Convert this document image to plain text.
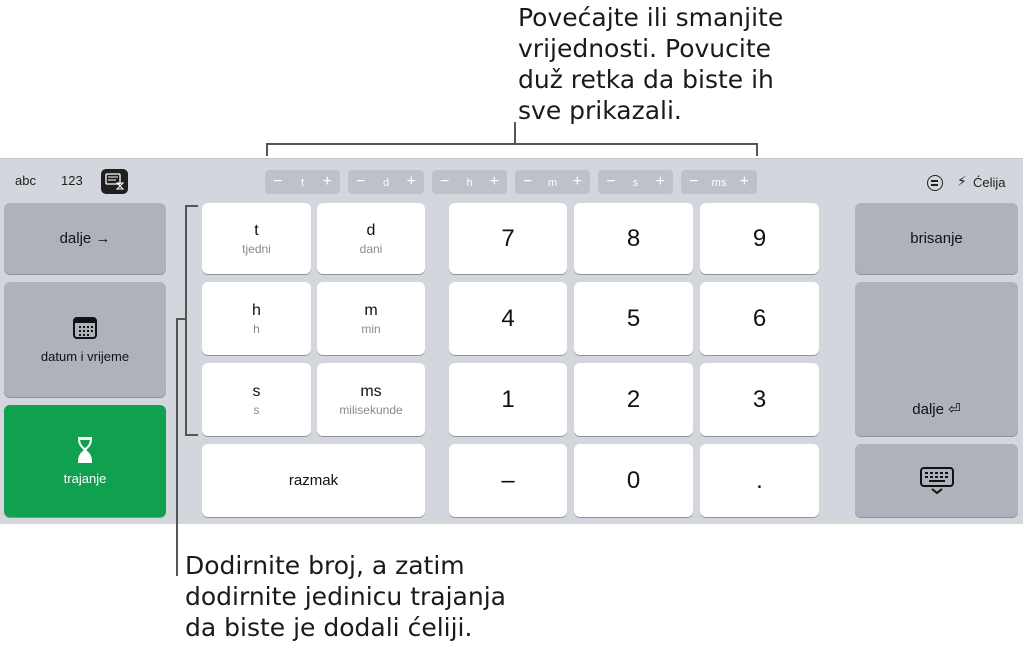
Povećajte ili smanjite
vrijednosti. Povucite
duž retka da biste ih
sve prikazali.
abc 123	t
−	+	d
−	+	h
−	+	m
−	+	s
−	+	ms
−	+	⚡ Ćelija
dalje →
datum i vrijeme
trajanje
t
tjedni
d
dani
h
h
m
min
s
s
ms
milisekunde
razmak
7	8	9
4	5	6
1	2	3
–	0	.
brisanje
dalje ⏎
Dodirnite broj, a zatim
dodirnite jedinicu trajanja
da biste je dodali ćeliji.
